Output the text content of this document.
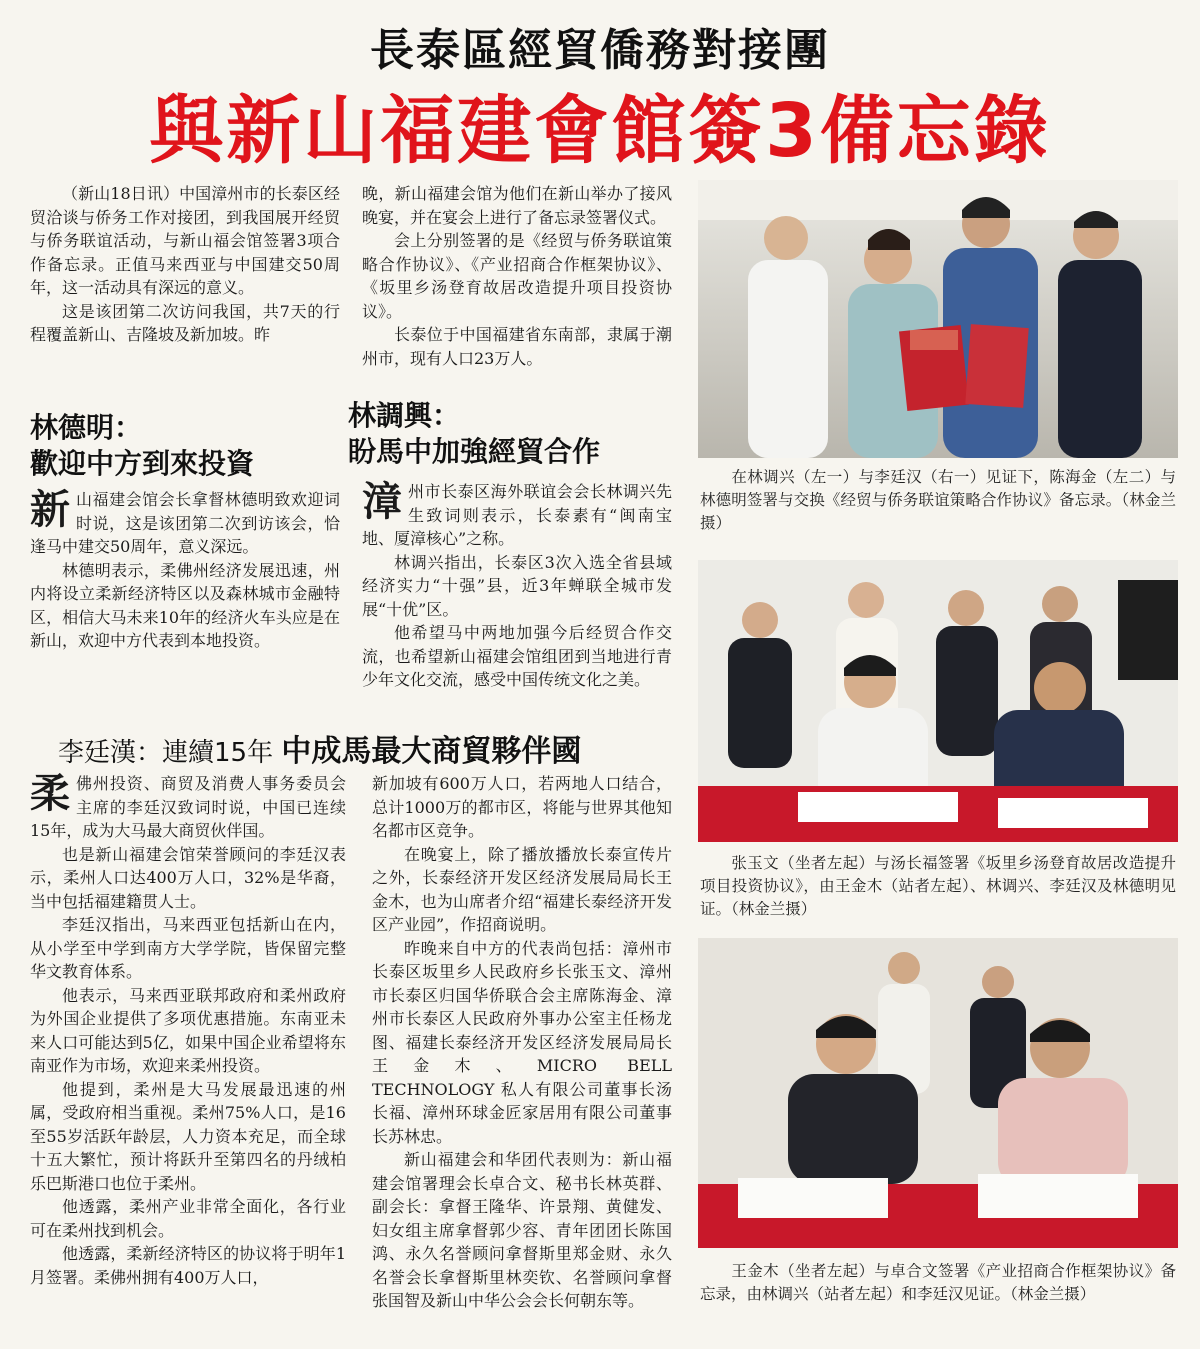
長泰區經貿僑務對接團
與新山福建會館簽3備忘錄

（新山18日讯）中国漳州市的长泰区经贸洽谈与侨务工作对接团，到我国展开经贸与侨务联谊活动，与新山福会馆签署3项合作备忘录。正值马来西亚与中国建交50周年，这一活动具有深远的意义。

这是该团第二次访问我国，共7天的行程覆盖新山、吉隆坡及新加坡。昨

晚，新山福建会馆为他们在新山举办了接风晚宴，并在宴会上进行了备忘录签署仪式。

会上分别签署的是《经贸与侨务联谊策略合作协议》、《产业招商合作框架协议》、《坂里乡汤登育故居改造提升项目投资协议》。

长泰位于中国福建省东南部，隶属于潮州市，现有人口23万人。

林德明：
歡迎中方到來投資

新山福建会馆会长拿督林德明致欢迎词时说，这是该团第二次到访该会，恰逢马中建交50周年，意义深远。

林德明表示，柔佛州经济发展迅速，州内将设立柔新经济特区以及森林城市金融特区，相信大马未来10年的经济火车头应是在新山，欢迎中方代表到本地投资。

林調興：
盼馬中加強經貿合作

漳州市长泰区海外联谊会会长林调兴先生致词则表示，长泰素有“闽南宝地、厦漳核心”之称。

林调兴指出，长泰区3次入选全省县域经济实力“十强”县，近3年蝉联全城市发展“十优”区。

他希望马中两地加强今后经贸合作交流，也希望新山福建会馆组团到当地进行青少年文化交流，感受中国传统文化之美。

李廷漢：連續15年 中成馬最大商貿夥伴國

柔佛州投资、商贸及消费人事务委员会主席的李廷汉致词时说，中国已连续15年，成为大马最大商贸伙伴国。

也是新山福建会馆荣誉顾问的李廷汉表示，柔州人口达400万人口，32%是华裔，当中包括福建籍贯人士。

李廷汉指出，马来西亚包括新山在内，从小学至中学到南方大学学院，皆保留完整华文教育体系。

他表示，马来西亚联邦政府和柔州政府为外国企业提供了多项优惠措施。东南亚未来人口可能达到5亿，如果中国企业希望将东南亚作为市场，欢迎来柔州投资。

他提到，柔州是大马发展最迅速的州属，受政府相当重视。柔州75%人口，是16至55岁活跃年龄层，人力资本充足，而全球十五大繁忙，预计将跃升至第四名的丹绒柏乐巴斯港口也位于柔州。

他透露，柔州产业非常全面化，各行业可在柔州找到机会。

他透露，柔新经济特区的协议将于明年1月签署。柔佛州拥有400万人口，

新加坡有600万人口，若两地人口结合，总计1000万的都市区，将能与世界其他知名都市区竞争。

在晚宴上，除了播放播放长泰宣传片之外，长泰经济开发区经济发展局局长王金木，也为山席者介绍“福建长泰经济开发区产业园”，作招商说明。

昨晚来自中方的代表尚包括：漳州市长泰区坂里乡人民政府乡长张玉文、漳州市长泰区归国华侨联合会主席陈海金、漳州市长泰区人民政府外事办公室主任杨龙图、福建长泰经济开发区经济发展局局长王金木、MICRO BELL TECHNOLOGY 私人有限公司董事长汤长福、漳州环球金匠家居用有限公司董事长苏林忠。

新山福建会和华团代表则为：新山福建会馆署理会长卓合文、秘书长林英群、副会长：拿督王隆华、许景翔、黄健发、妇女组主席拿督郭少容、青年团团长陈国鸿、永久名誉顾问拿督斯里郑金财、永久名誉会长拿督斯里林奕钦、名誉顾问拿督张国智及新山中华公会会长何朝东等。

在林调兴（左一）与李廷汉（右一）见证下，陈海金（左二）与林德明签署与交换《经贸与侨务联谊策略合作协议》备忘录。（林金兰摄）
张玉文（坐者左起）与汤长福签署《坂里乡汤登育故居改造提升项目投资协议》，由王金木（站者左起）、林调兴、李廷汉及林德明见证。（林金兰摄）
王金木（坐者左起）与卓合文签署《产业招商合作框架协议》备忘录，由林调兴（站者左起）和李廷汉见证。（林金兰摄）
